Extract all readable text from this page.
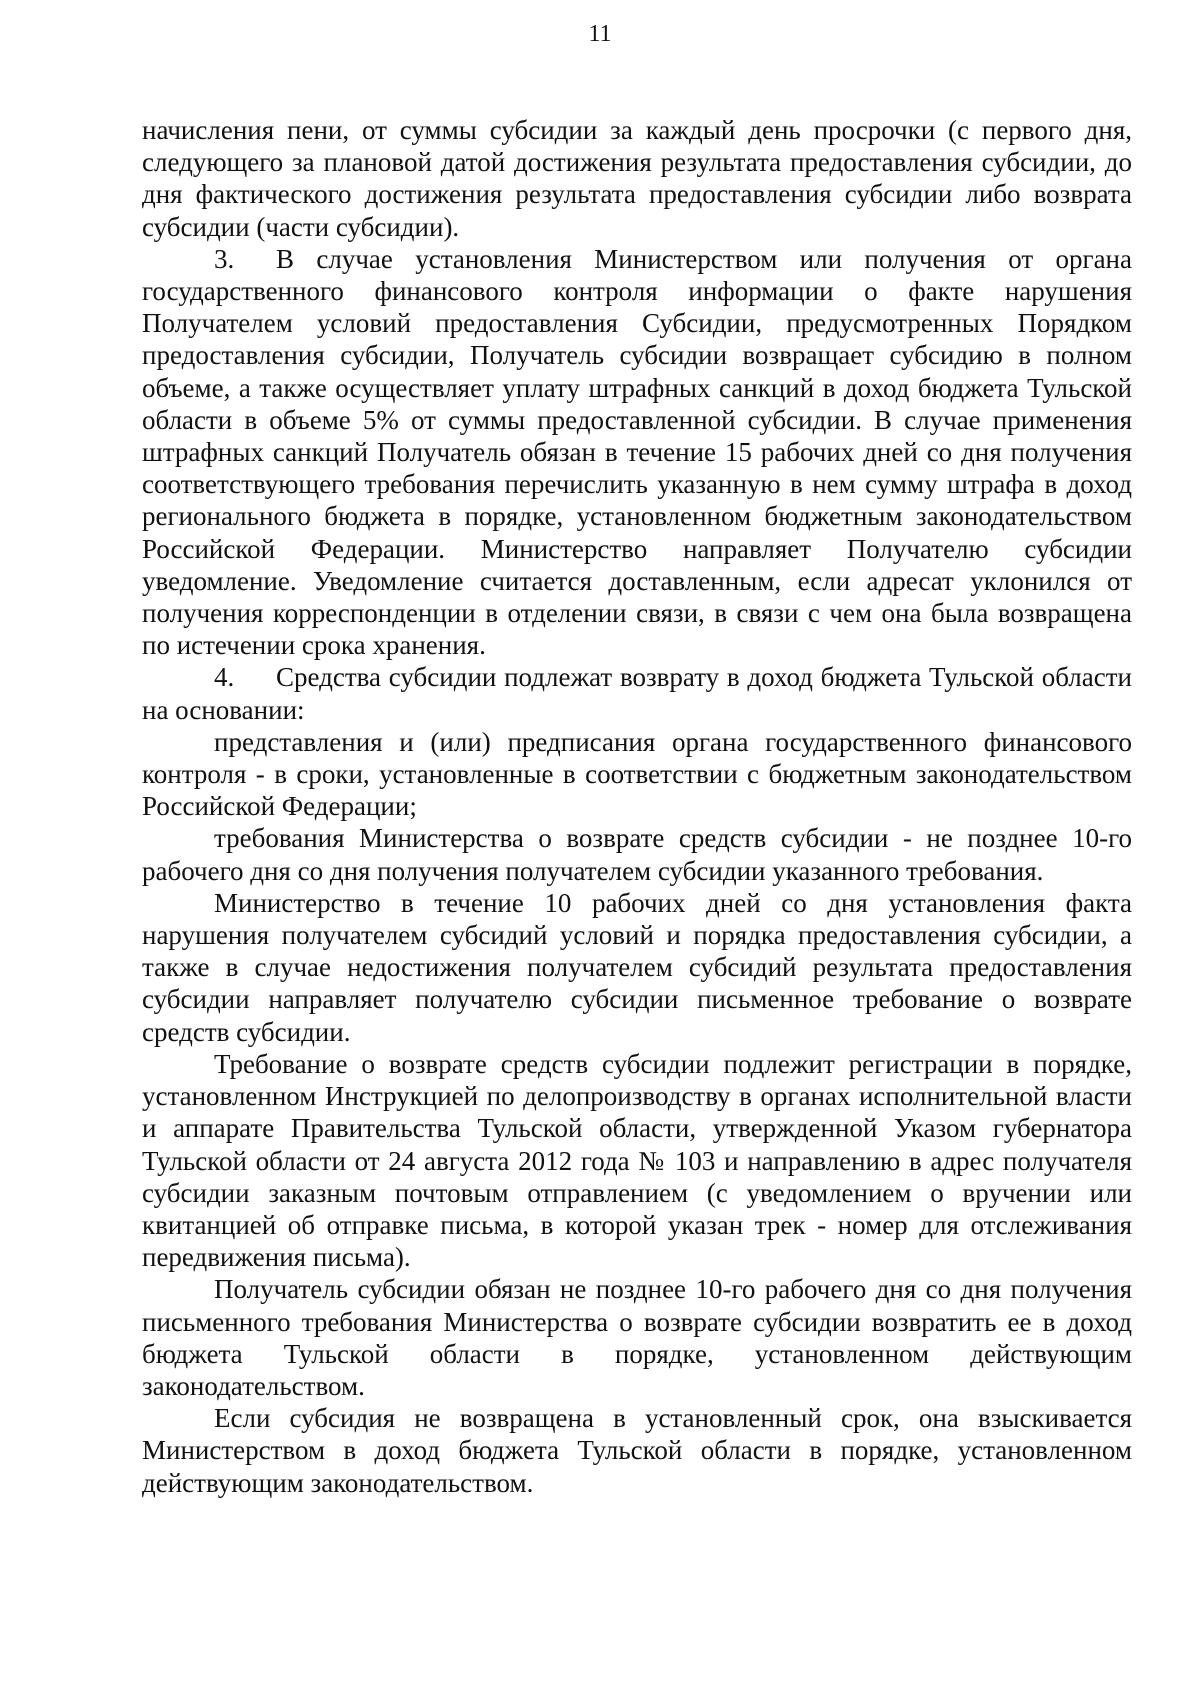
11

начисления пени, от суммы субсидии за каждый день просрочки (с первого дня, следующего за плановой датой достижения результата предоставления субсидии, до дня фактического достижения результата предоставления субсидии либо возврата субсидии (части субсидии).

3. В случае установления Министерством или получения от органа государственного финансового контроля информации о факте нарушения Получателем условий предоставления Субсидии, предусмотренных Порядком предоставления субсидии, Получатель субсидии возвращает субсидию в полном объеме, а также осуществляет уплату штрафных санкций в доход бюджета Тульской области в объеме 5% от суммы предоставленной субсидии. В случае применения штрафных санкций Получатель обязан в течение 15 рабочих дней со дня получения соответствующего требования перечислить указанную в нем сумму штрафа в доход регионального бюджета в порядке, установленном бюджетным законодательством Российской Федерации. Министерство направляет Получателю субсидии уведомление. Уведомление считается доставленным, если адресат уклонился от получения корреспонденции в отделении связи, в связи с чем она была возвращена по истечении срока хранения.

4. Средства субсидии подлежат возврату в доход бюджета Тульской области на основании:

представления и (или) предписания органа государственного финансового контроля - в сроки, установленные в соответствии с бюджетным законодательством Российской Федерации;

требования Министерства о возврате средств субсидии - не позднее 10-го рабочего дня со дня получения получателем субсидии указанного требования.

Министерство в течение 10 рабочих дней со дня установления факта нарушения получателем субсидий условий и порядка предоставления субсидии, а также в случае недостижения получателем субсидий результата предоставления субсидии направляет получателю субсидии письменное требование о возврате средств субсидии.

Требование о возврате средств субсидии подлежит регистрации в порядке, установленном Инструкцией по делопроизводству в органах исполнительной власти и аппарате Правительства Тульской области, утвержденной Указом губернатора Тульской области от 24 августа 2012 года № 103 и направлению в адрес получателя субсидии заказным почтовым отправлением (с уведомлением о вручении или квитанцией об отправке письма, в которой указан трек - номер для отслеживания передвижения письма).

Получатель субсидии обязан не позднее 10-го рабочего дня со дня получения письменного требования Министерства о возврате субсидии возвратить ее в доход бюджета Тульской области в порядке, установленном действующим законодательством.

Если субсидия не возвращена в установленный срок, она взыскивается Министерством в доход бюджета Тульской области в порядке, установленном действующим законодательством.
